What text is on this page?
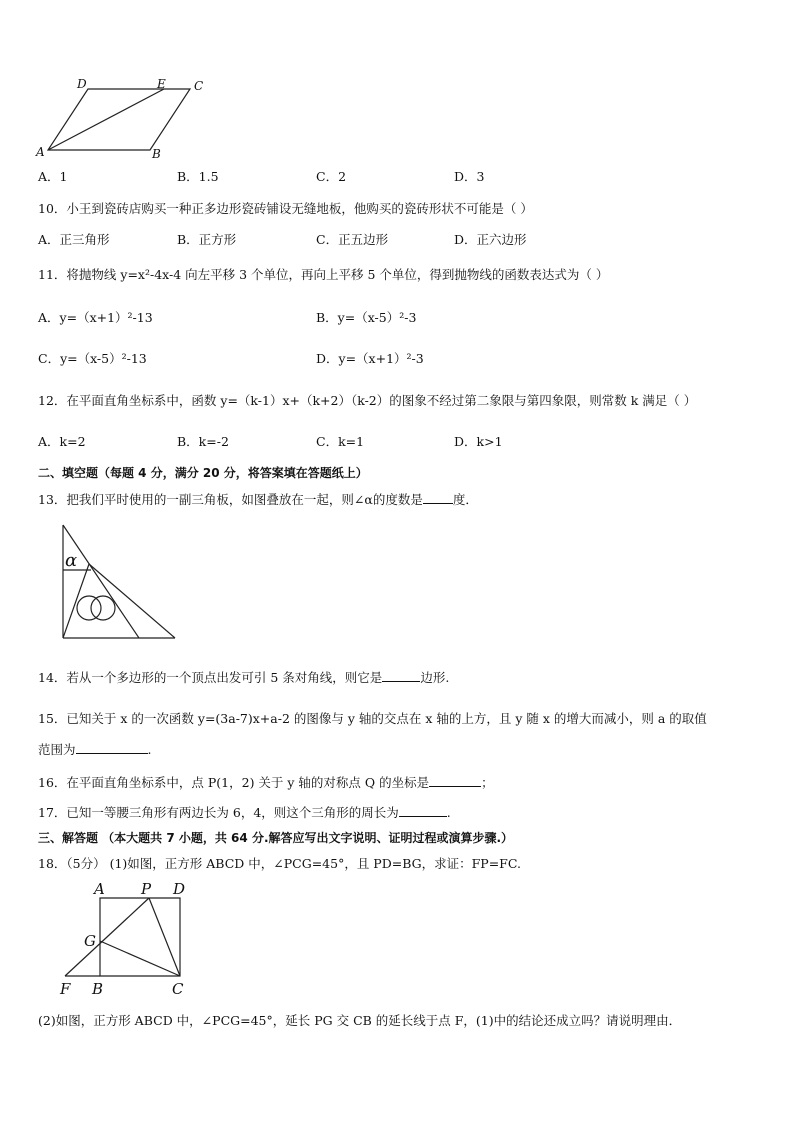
D	E C
A	B
A．1	B．1.5	C．2	D．3
10．小王到瓷砖店购买一种正多边形瓷砖铺设无缝地板，他购买的瓷砖形状不可能是（ ）
A．正三角形	B．正方形	C．正五边形	D．正六边形
11．将抛物线 y=x²-4x-4 向左平移 3 个单位，再向上平移 5 个单位，得到抛物线的函数表达式为（ ）
A．y=（x+1）²-13	B．y=（x-5）²-3
C．y=（x-5）²-13	D．y=（x+1）²-3
12．在平面直角坐标系中，函数 y=（k-1）x+（k+2）（k-2）的图象不经过第二象限与第四象限，则常数 k 满足（ ）
A．k=2	B．k=-2	C．k=1	D．k>1
二、填空题（每题 4 分，满分 20 分，将答案填在答题纸上）
13．把我们平时使用的一副三角板，如图叠放在一起，则∠α的度数是 度．
α
14．若从一个多边形的一个顶点出发可引 5 条对角线，则它是	边形.
15．已知关于 x 的一次函数 y=(3a-7)x+a-2 的图像与 y 轴的交点在 x 轴的上方，且 y 随 x 的增大而减小，则 a 的取值
范围为	.
16．在平面直角坐标系中，点 P(1，2) 关于 y 轴的对称点 Q 的坐标是	；
17．已知一等腰三角形有两边长为 6，4，则这个三角形的周长为	.
三、解答题 （本大题共 7 小题，共 64 分.解答应写出文字说明、证明过程或演算步骤.）
18．（5分） (1)如图，正方形 ABCD 中，∠PCG=45°，且 PD=BG，求证：FP=FC.
A P D
G
F B	C
(2)如图，正方形 ABCD 中，∠PCG=45°，延长 PG 交 CB 的延长线于点 F，(1)中的结论还成立吗？请说明理由．
